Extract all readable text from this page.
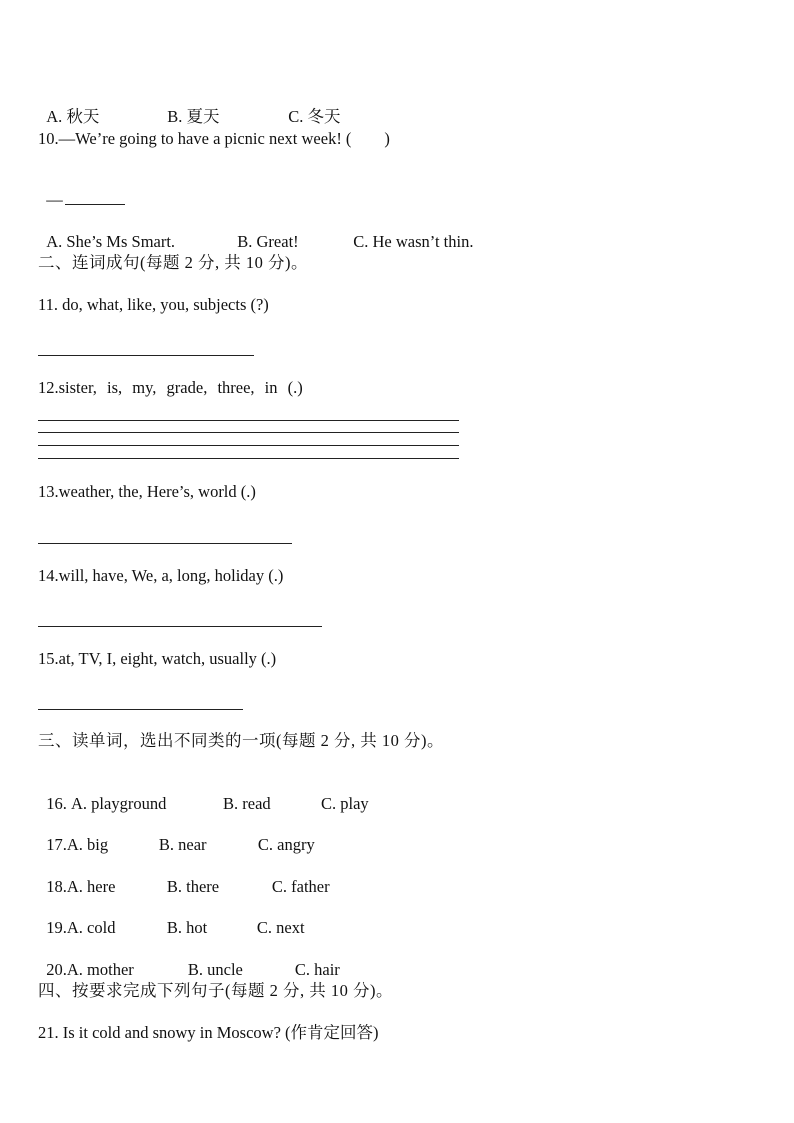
A. 秋天	B. 夏天	C. 冬天

10.—We’re going to have a picnic next week! (　　)

—

A. She’s Ms Smart.	B. Great!	C. He wasn’t thin.

二、连词成句(每题 2 分, 共 10 分)。
11. do, what, like, you, subjects (?)
12.sister, is, my, grade, three, in (.)
13.weather, the, Here’s, world (.)
14.will, have, We, a, long, holiday (.)
15.at, TV, I, eight, watch, usually (.)
三、读单词，选出不同类的一项(每题 2 分, 共 10 分)。

16. A. playground	B. read	C. play

17.A. big	B. near	C. angry

18.A. here	B. there	C. father

19.A. cold	B. hot	C. next

20.A. mother	B. uncle	C. hair

四、按要求完成下列句子(每题 2 分, 共 10 分)。
21. Is it cold and snowy in Moscow? (作肯定回答)
